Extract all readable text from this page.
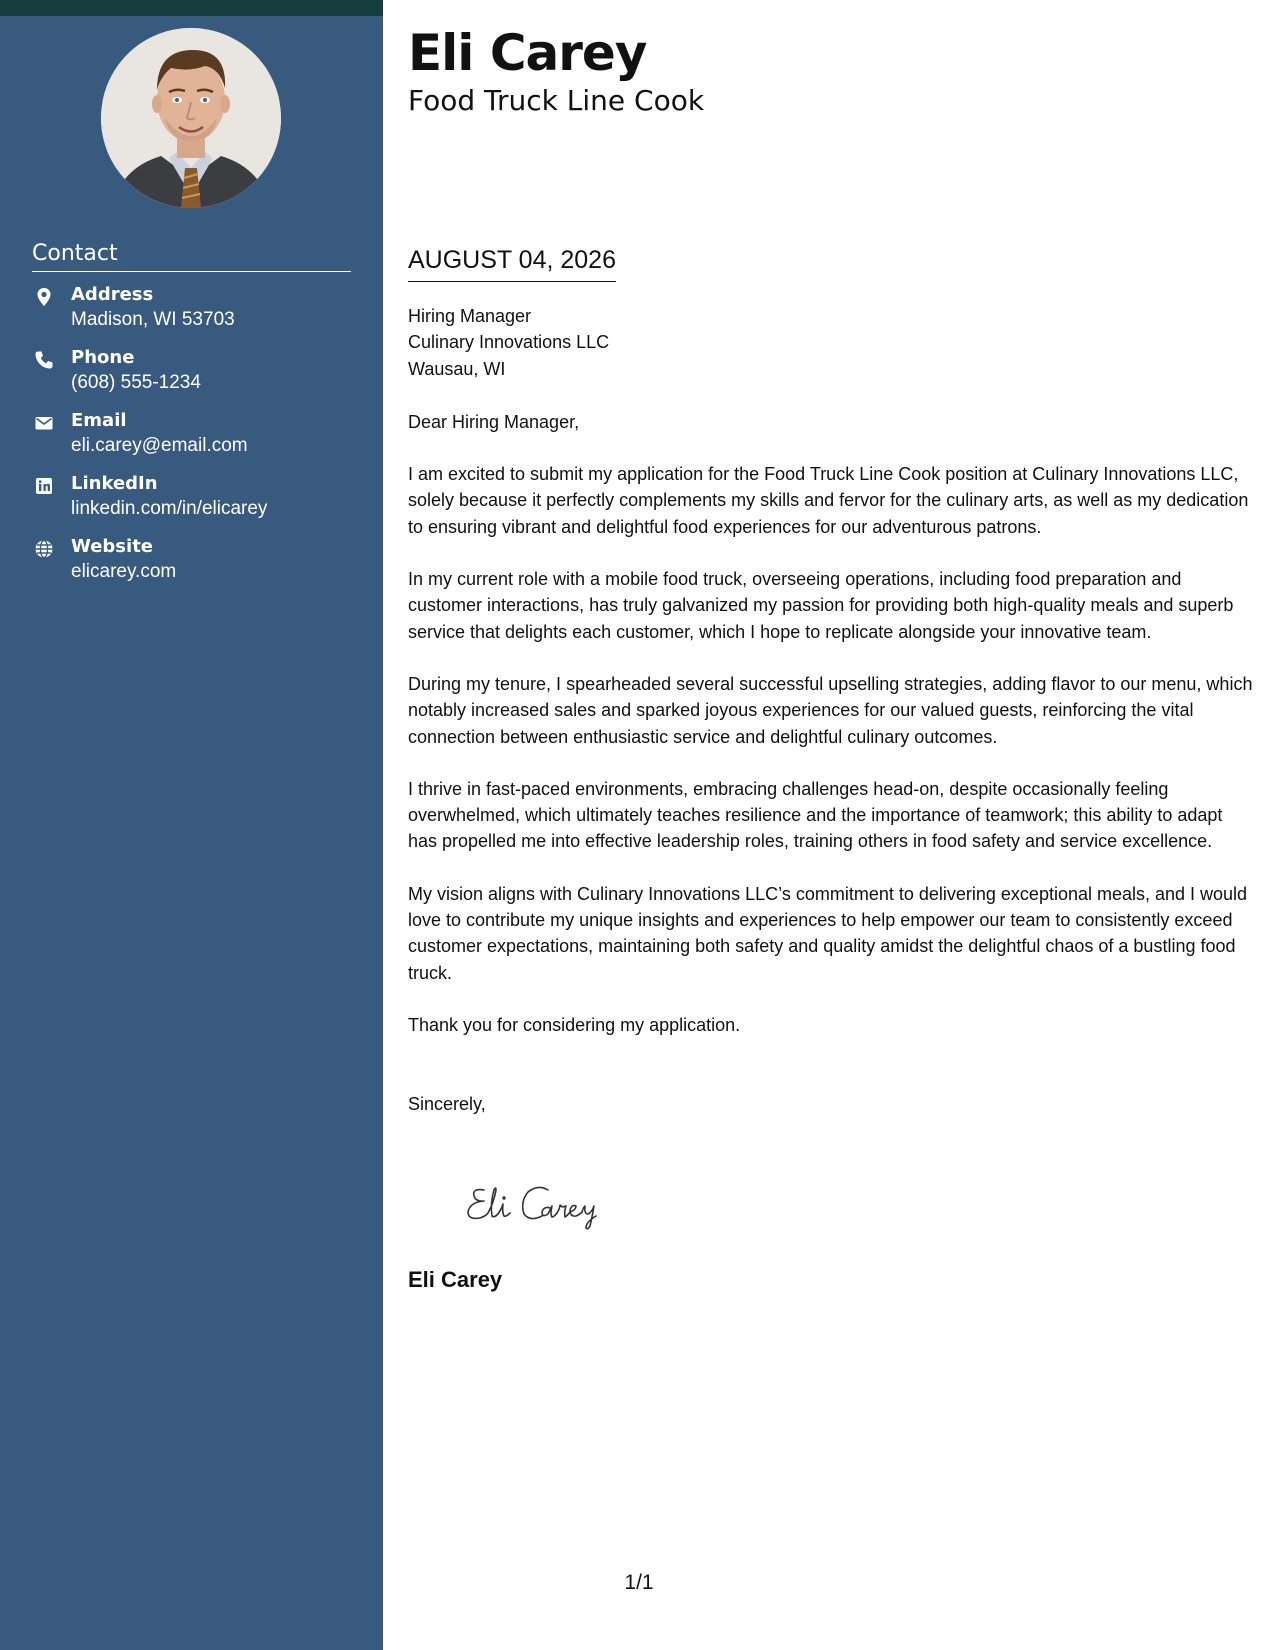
Contact
Address
Madison, WI 53703
Phone
(608) 555-1234
Email
eli.carey@email.com
LinkedIn
linkedin.com/in/elicarey
Website
elicarey.com
Eli Carey
Food Truck Line Cook
AUGUST 04, 2026
Hiring Manager
Culinary Innovations LLC
Wausau, WI

Dear Hiring Manager,

I am excited to submit my application for the Food Truck Line Cook position at Culinary Innovations LLC, solely because it perfectly complements my skills and fervor for the culinary arts, as well as my dedication to ensuring vibrant and delightful food experiences for our adventurous patrons.

In my current role with a mobile food truck, overseeing operations, including food preparation and customer interactions, has truly galvanized my passion for providing both high-quality meals and superb service that delights each customer, which I hope to replicate alongside your innovative team.

During my tenure, I spearheaded several successful upselling strategies, adding flavor to our menu, which notably increased sales and sparked joyous experiences for our valued guests, reinforcing the vital connection between enthusiastic service and delightful culinary outcomes.

I thrive in fast-paced environments, embracing challenges head-on, despite occasionally feeling overwhelmed, which ultimately teaches resilience and the importance of teamwork; this ability to adapt has propelled me into effective leadership roles, training others in food safety and service excellence.

My vision aligns with Culinary Innovations LLC’s commitment to delivering exceptional meals, and I would love to contribute my unique insights and experiences to help empower our team to consistently exceed customer expectations, maintaining both safety and quality amidst the delightful chaos of a bustling food truck.

Thank you for considering my application.

Sincerely,

Eli Carey
1/1
